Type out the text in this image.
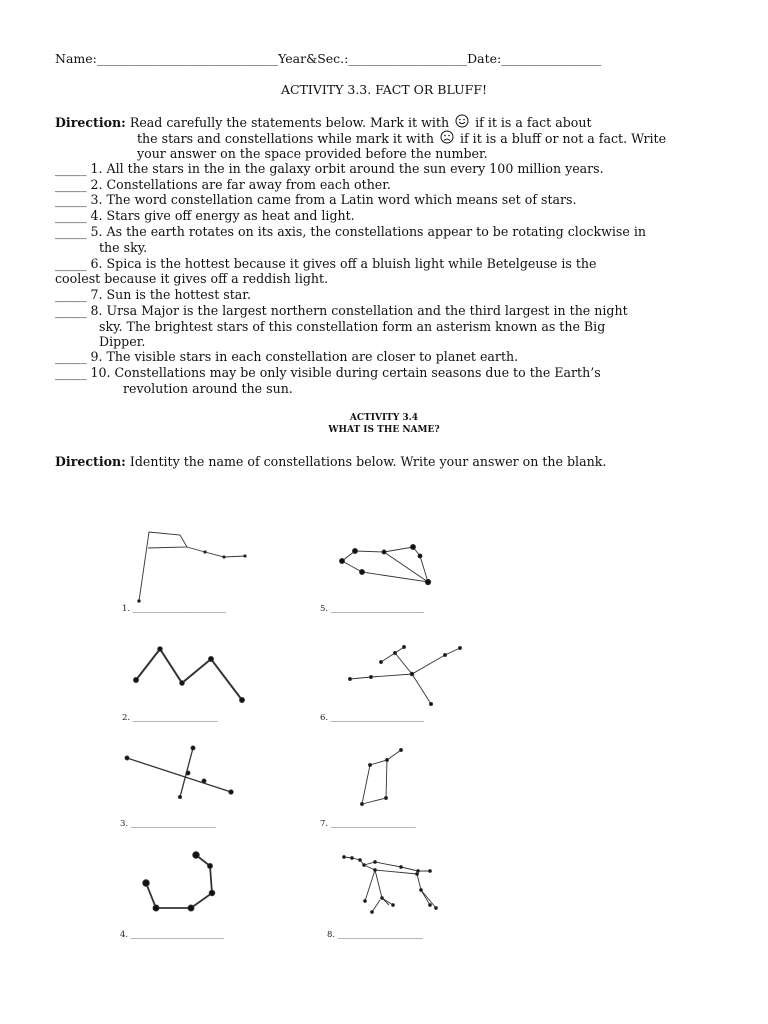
Name:_____________________________Year&Sec.:___________________Date:________________
ACTIVITY 3.3. FACT OR BLUFF!
Direction: Read carefully the statements below. Mark it with if it is a fact about
the stars and constellations while mark it with if it is a bluff or not a fact. Write
your answer on the space provided before the number.
_____ 1. All the stars in the in the galaxy orbit around the sun every 100 million years.
_____ 2. Constellations are far away from each other.
_____ 3. The word constellation came from a Latin word which means set of stars.
_____ 4. Stars give off energy as heat and light.
_____ 5. As the earth rotates on its axis, the constellations appear to be rotating clockwise in
the sky.
_____ 6. Spica is the hottest because it gives off a bluish light while Betelgeuse is the
coolest because it gives off a reddish light.
_____ 7. Sun is the hottest star.
_____ 8. Ursa Major is the largest northern constellation and the third largest in the night
sky. The brightest stars of this constellation form an asterism known as the Big
Dipper.
_____ 9. The visible stars in each constellation are closer to planet earth.
_____ 10. Constellations may be only visible during certain seasons due to the Earth’s
revolution around the sun.
ACTIVITY 3.4
WHAT IS THE NAME?
Direction: Identity the name of constellations below. Write your answer on the blank.
1. ______________________
2. ____________________
3. ____________________
4. ______________________
5. ______________________
6. ______________________
7. ____________________
8. ____________________
